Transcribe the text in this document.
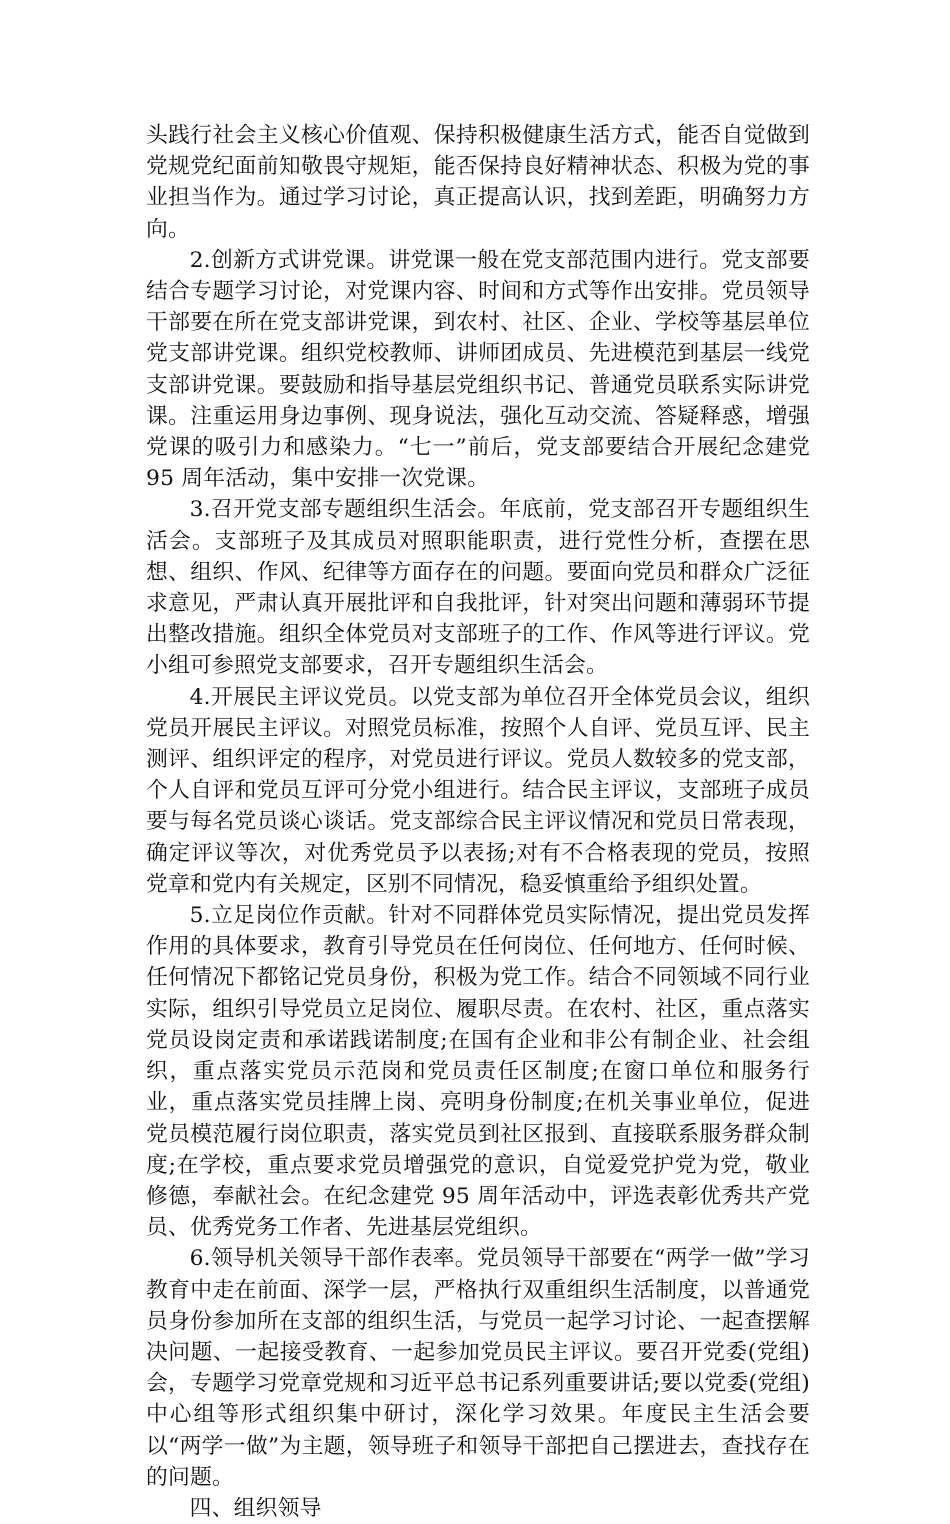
头践行社会主义核心价值观、保持积极健康生活方式，能否自觉做到党规党纪面前知敬畏守规矩，能否保持良好精神状态、积极为党的事业担当作为。通过学习讨论，真正提高认识，找到差距，明确努力方向。

2.创新方式讲党课。讲党课一般在党支部范围内进行。党支部要结合专题学习讨论，对党课内容、时间和方式等作出安排。党员领导干部要在所在党支部讲党课，到农村、社区、企业、学校等基层单位党支部讲党课。组织党校教师、讲师团成员、先进模范到基层一线党支部讲党课。要鼓励和指导基层党组织书记、普通党员联系实际讲党课。注重运用身边事例、现身说法，强化互动交流、答疑释惑，增强党课的吸引力和感染力。“七一”前后，党支部要结合开展纪念建党 95 周年活动，集中安排一次党课。

3.召开党支部专题组织生活会。年底前，党支部召开专题组织生活会。支部班子及其成员对照职能职责，进行党性分析，查摆在思想、组织、作风、纪律等方面存在的问题。要面向党员和群众广泛征求意见，严肃认真开展批评和自我批评，针对突出问题和薄弱环节提出整改措施。组织全体党员对支部班子的工作、作风等进行评议。党小组可参照党支部要求，召开专题组织生活会。

4.开展民主评议党员。以党支部为单位召开全体党员会议，组织党员开展民主评议。对照党员标准，按照个人自评、党员互评、民主测评、组织评定的程序，对党员进行评议。党员人数较多的党支部，个人自评和党员互评可分党小组进行。结合民主评议，支部班子成员要与每名党员谈心谈话。党支部综合民主评议情况和党员日常表现，确定评议等次，对优秀党员予以表扬;对有不合格表现的党员，按照党章和党内有关规定，区别不同情况，稳妥慎重给予组织处置。

5.立足岗位作贡献。针对不同群体党员实际情况，提出党员发挥作用的具体要求，教育引导党员在任何岗位、任何地方、任何时候、任何情况下都铭记党员身份，积极为党工作。结合不同领域不同行业实际，组织引导党员立足岗位、履职尽责。在农村、社区，重点落实党员设岗定责和承诺践诺制度;在国有企业和非公有制企业、社会组织，重点落实党员示范岗和党员责任区制度;在窗口单位和服务行业，重点落实党员挂牌上岗、亮明身份制度;在机关事业单位，促进党员模范履行岗位职责，落实党员到社区报到、直接联系服务群众制度;在学校，重点要求党员增强党的意识，自觉爱党护党为党，敬业修德，奉献社会。在纪念建党 95 周年活动中，评选表彰优秀共产党员、优秀党务工作者、先进基层党组织。

6.领导机关领导干部作表率。党员领导干部要在“两学一做”学习教育中走在前面、深学一层，严格执行双重组织生活制度，以普通党员身份参加所在支部的组织生活，与党员一起学习讨论、一起查摆解决问题、一起接受教育、一起参加党员民主评议。要召开党委(党组)会，专题学习党章党规和习近平总书记系列重要讲话;要以党委(党组)中心组等形式组织集中研讨，深化学习效果。年度民主生活会要以“两学一做”为主题，领导班子和领导干部把自己摆进去，查找存在的问题。

四、组织领导
